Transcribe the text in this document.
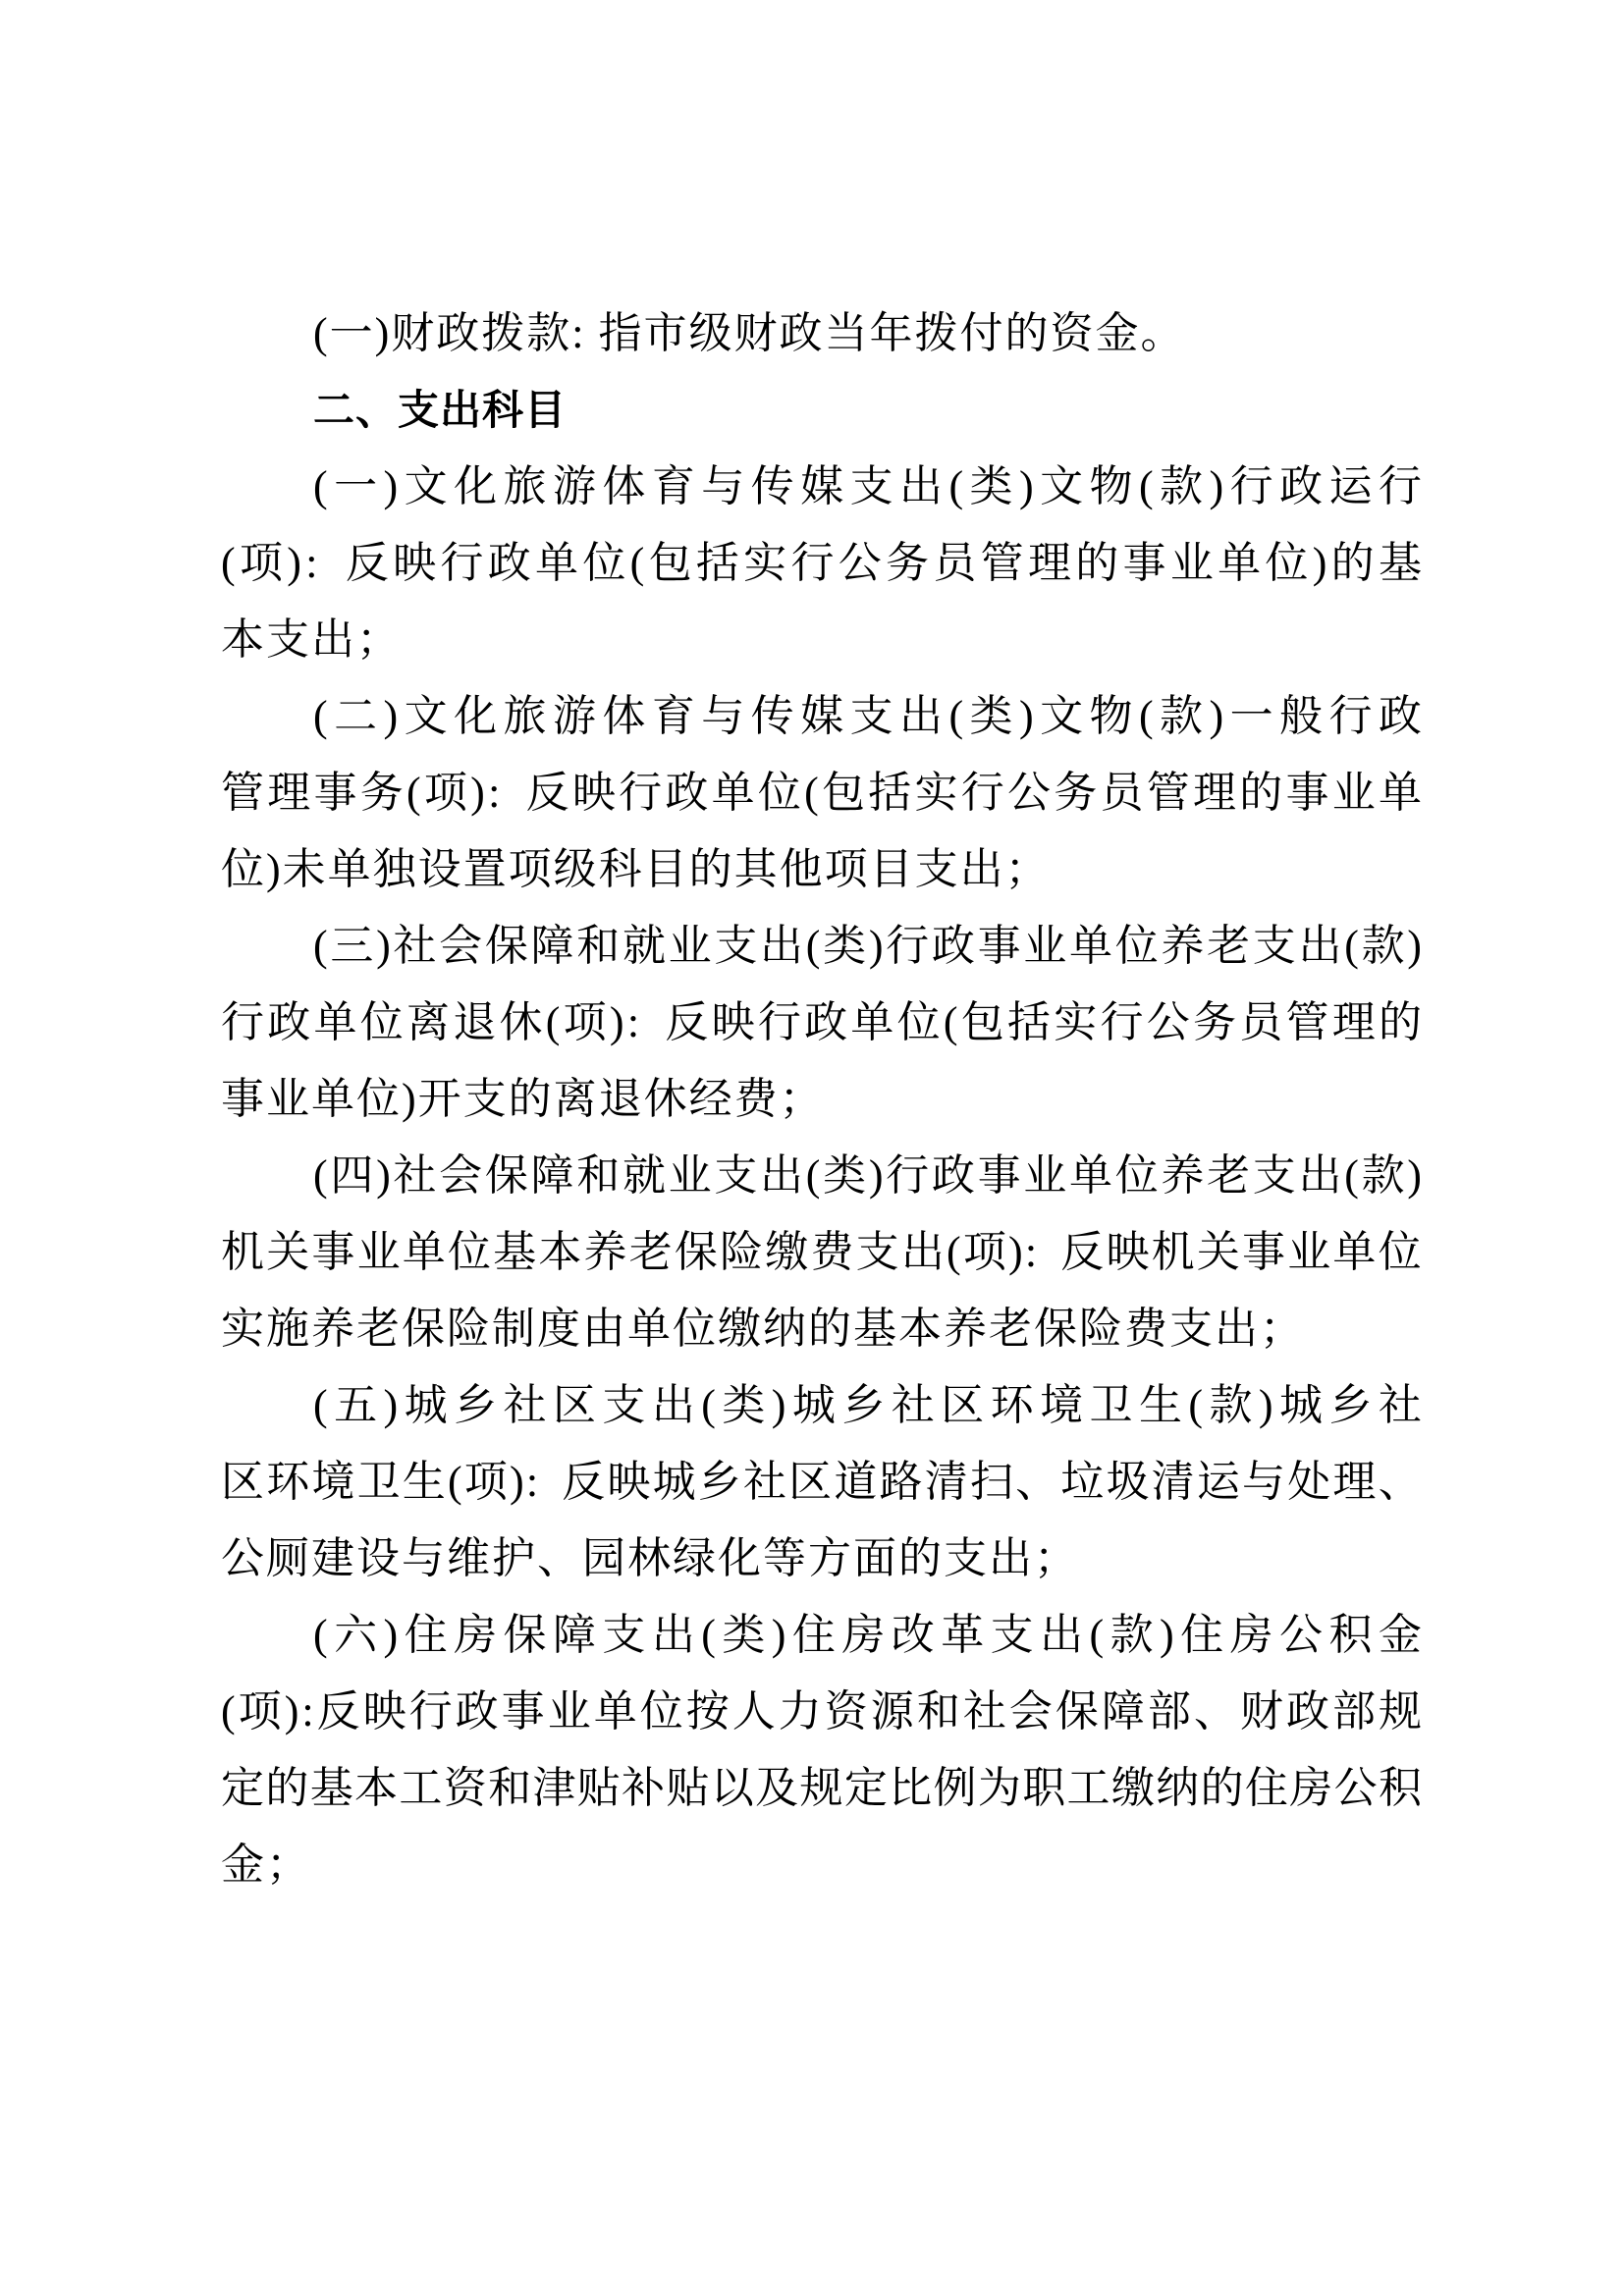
(一)财政拨款: 指市级财政当年拨付的资金。
二、支出科目
( 一 ) 文 化 旅 游 体 育 与 传 媒 支 出 ( 类 ) 文 物 ( 款 ) 行 政 运 行
( 项 ) :
反 映 行 政 单 位 ( 包 括 实 行 公 务 员 管 理 的 事 业 单 位 ) 的 基
本支出；
( 二 ) 文 化 旅 游 体 育 与 传 媒 支 出 ( 类 ) 文 物 ( 款 ) 一 般 行 政
管 理 事 务 ( 项 ) :
反 映 行 政 单 位 ( 包 括 实 行 公 务 员 管 理 的 事 业 单
位)未单独设置项级科目的其他项目支出；
( 三 ) 社 会 保 障 和 就 业 支 出 ( 类 ) 行 政 事 业 单 位 养 老 支 出 ( 款 )
行 政 单 位 离 退 休 ( 项 ) :
反 映 行 政 单 位 ( 包 括 实 行 公 务 员 管 理 的
事业单位)开支的离退休经费；
( 四 ) 社 会 保 障 和 就 业 支 出 ( 类 ) 行 政 事 业 单 位 养 老 支 出 ( 款 )
机 关 事 业 单 位 基 本 养 老 保 险 缴 费 支 出 ( 项 ) :
反 映 机 关 事 业 单 位
实施养老保险制度由单位缴纳的基本养老保险费支出；
( 五 ) 城 乡 社 区 支 出 ( 类 ) 城 乡 社 区 环 境 卫 生 ( 款 ) 城 乡 社
区 环 境 卫 生 ( 项 ) :
反 映 城 乡 社 区 道 路 清 扫 、 垃 圾 清 运 与 处 理 、
公厕建设与维护、园林绿化等方面的支出；
( 六 ) 住 房 保 障 支 出 ( 类 ) 住 房 改 革 支 出 ( 款 ) 住 房 公 积 金
( 项 ) : 反 映 行 政 事 业 单 位 按 人 力 资 源 和 社 会 保 障 部 、 财 政 部 规
定 的 基 本 工 资 和 津 贴 补 贴 以 及 规 定 比 例 为 职 工 缴 纳 的 住 房 公 积
金；
